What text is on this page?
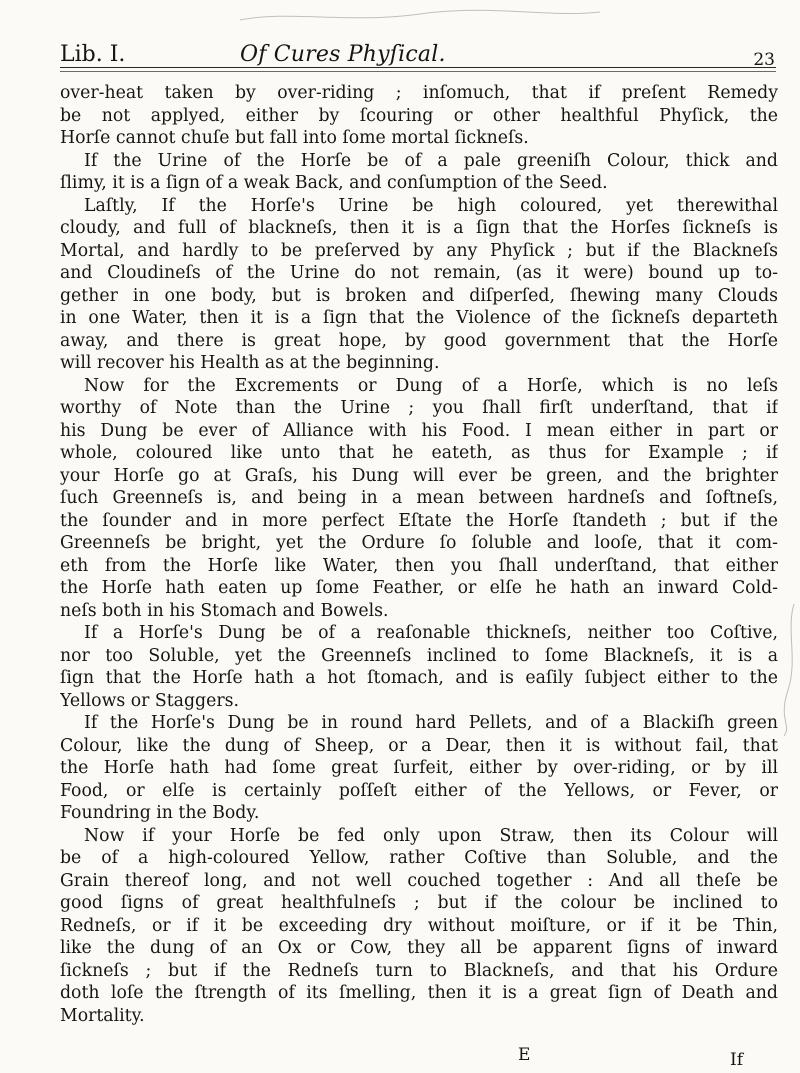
Lib. I.	Of Cures Phyſical.	23
over-heat taken by over-riding ; inſomuch, that if preſent Remedy
be not applyed, either by ſcouring or other healthful Phyſick, the
Horſe cannot chuſe but fall into ſome mortal ſickneſs.
If the Urine of the Horſe be of a pale greeniſh Colour, thick and
ſlimy, it is a ſign of a weak Back, and conſumption of the Seed.
Laſtly, If the Horſe's Urine be high coloured, yet therewithal
cloudy, and full of blackneſs, then it is a ſign that the Horſes ſickneſs is
Mortal, and hardly to be preſerved by any Phyſick ; but if the Blackneſs
and Cloudineſs of the Urine do not remain, (as it were) bound up to-
gether in one body, but is broken and diſperſed, ſhewing many Clouds
in one Water, then it is a ſign that the Violence of the ſickneſs departeth
away, and there is great hope, by good government that the Horſe
will recover his Health as at the beginning.
Now for the Excrements or Dung of a Horſe, which is no leſs
worthy of Note than the Urine ; you ſhall firſt underſtand, that if
his Dung be ever of Alliance with his Food. I mean either in part or
whole, coloured like unto that he eateth, as thus for Example ; if
your Horſe go at Graſs, his Dung will ever be green, and the brighter
ſuch Greenneſs is, and being in a mean between hardneſs and ſoftneſs,
the ſounder and in more perfect Eſtate the Horſe ſtandeth ; but if the
Greenneſs be bright, yet the Ordure ſo ſoluble and looſe, that it com-
eth from the Horſe like Water, then you ſhall underſtand, that either
the Horſe hath eaten up ſome Feather, or elſe he hath an inward Cold-
neſs both in his Stomach and Bowels.
If a Horſe's Dung be of a reaſonable thickneſs, neither too Coſtive,
nor too Soluble, yet the Greenneſs inclined to ſome Blackneſs, it is a
ſign that the Horſe hath a hot ſtomach, and is eaſily ſubject either to the
Yellows or Staggers.
If the Horſe's Dung be in round hard Pellets, and of a Blackiſh green
Colour, like the dung of Sheep, or a Dear, then it is without fail, that
the Horſe hath had ſome great ſurfeit, either by over-riding, or by ill
Food, or elſe is certainly poſſeſt either of the Yellows, or Fever, or
Foundring in the Body.
Now if your Horſe be fed only upon Straw, then its Colour will
be of a high-coloured Yellow, rather Coſtive than Soluble, and the
Grain thereof long, and not well couched together : And all theſe be
good ſigns of great healthfulneſs ; but if the colour be inclined to
Redneſs, or if it be exceeding dry without moiſture, or if it be Thin,
like the dung of an Ox or Cow, they all be apparent ſigns of inward
ſickneſs ; but if the Redneſs turn to Blackneſs, and that his Ordure
doth loſe the ſtrength of its ſmelling, then it is a great ſign of Death and
Mortality.
E	If
